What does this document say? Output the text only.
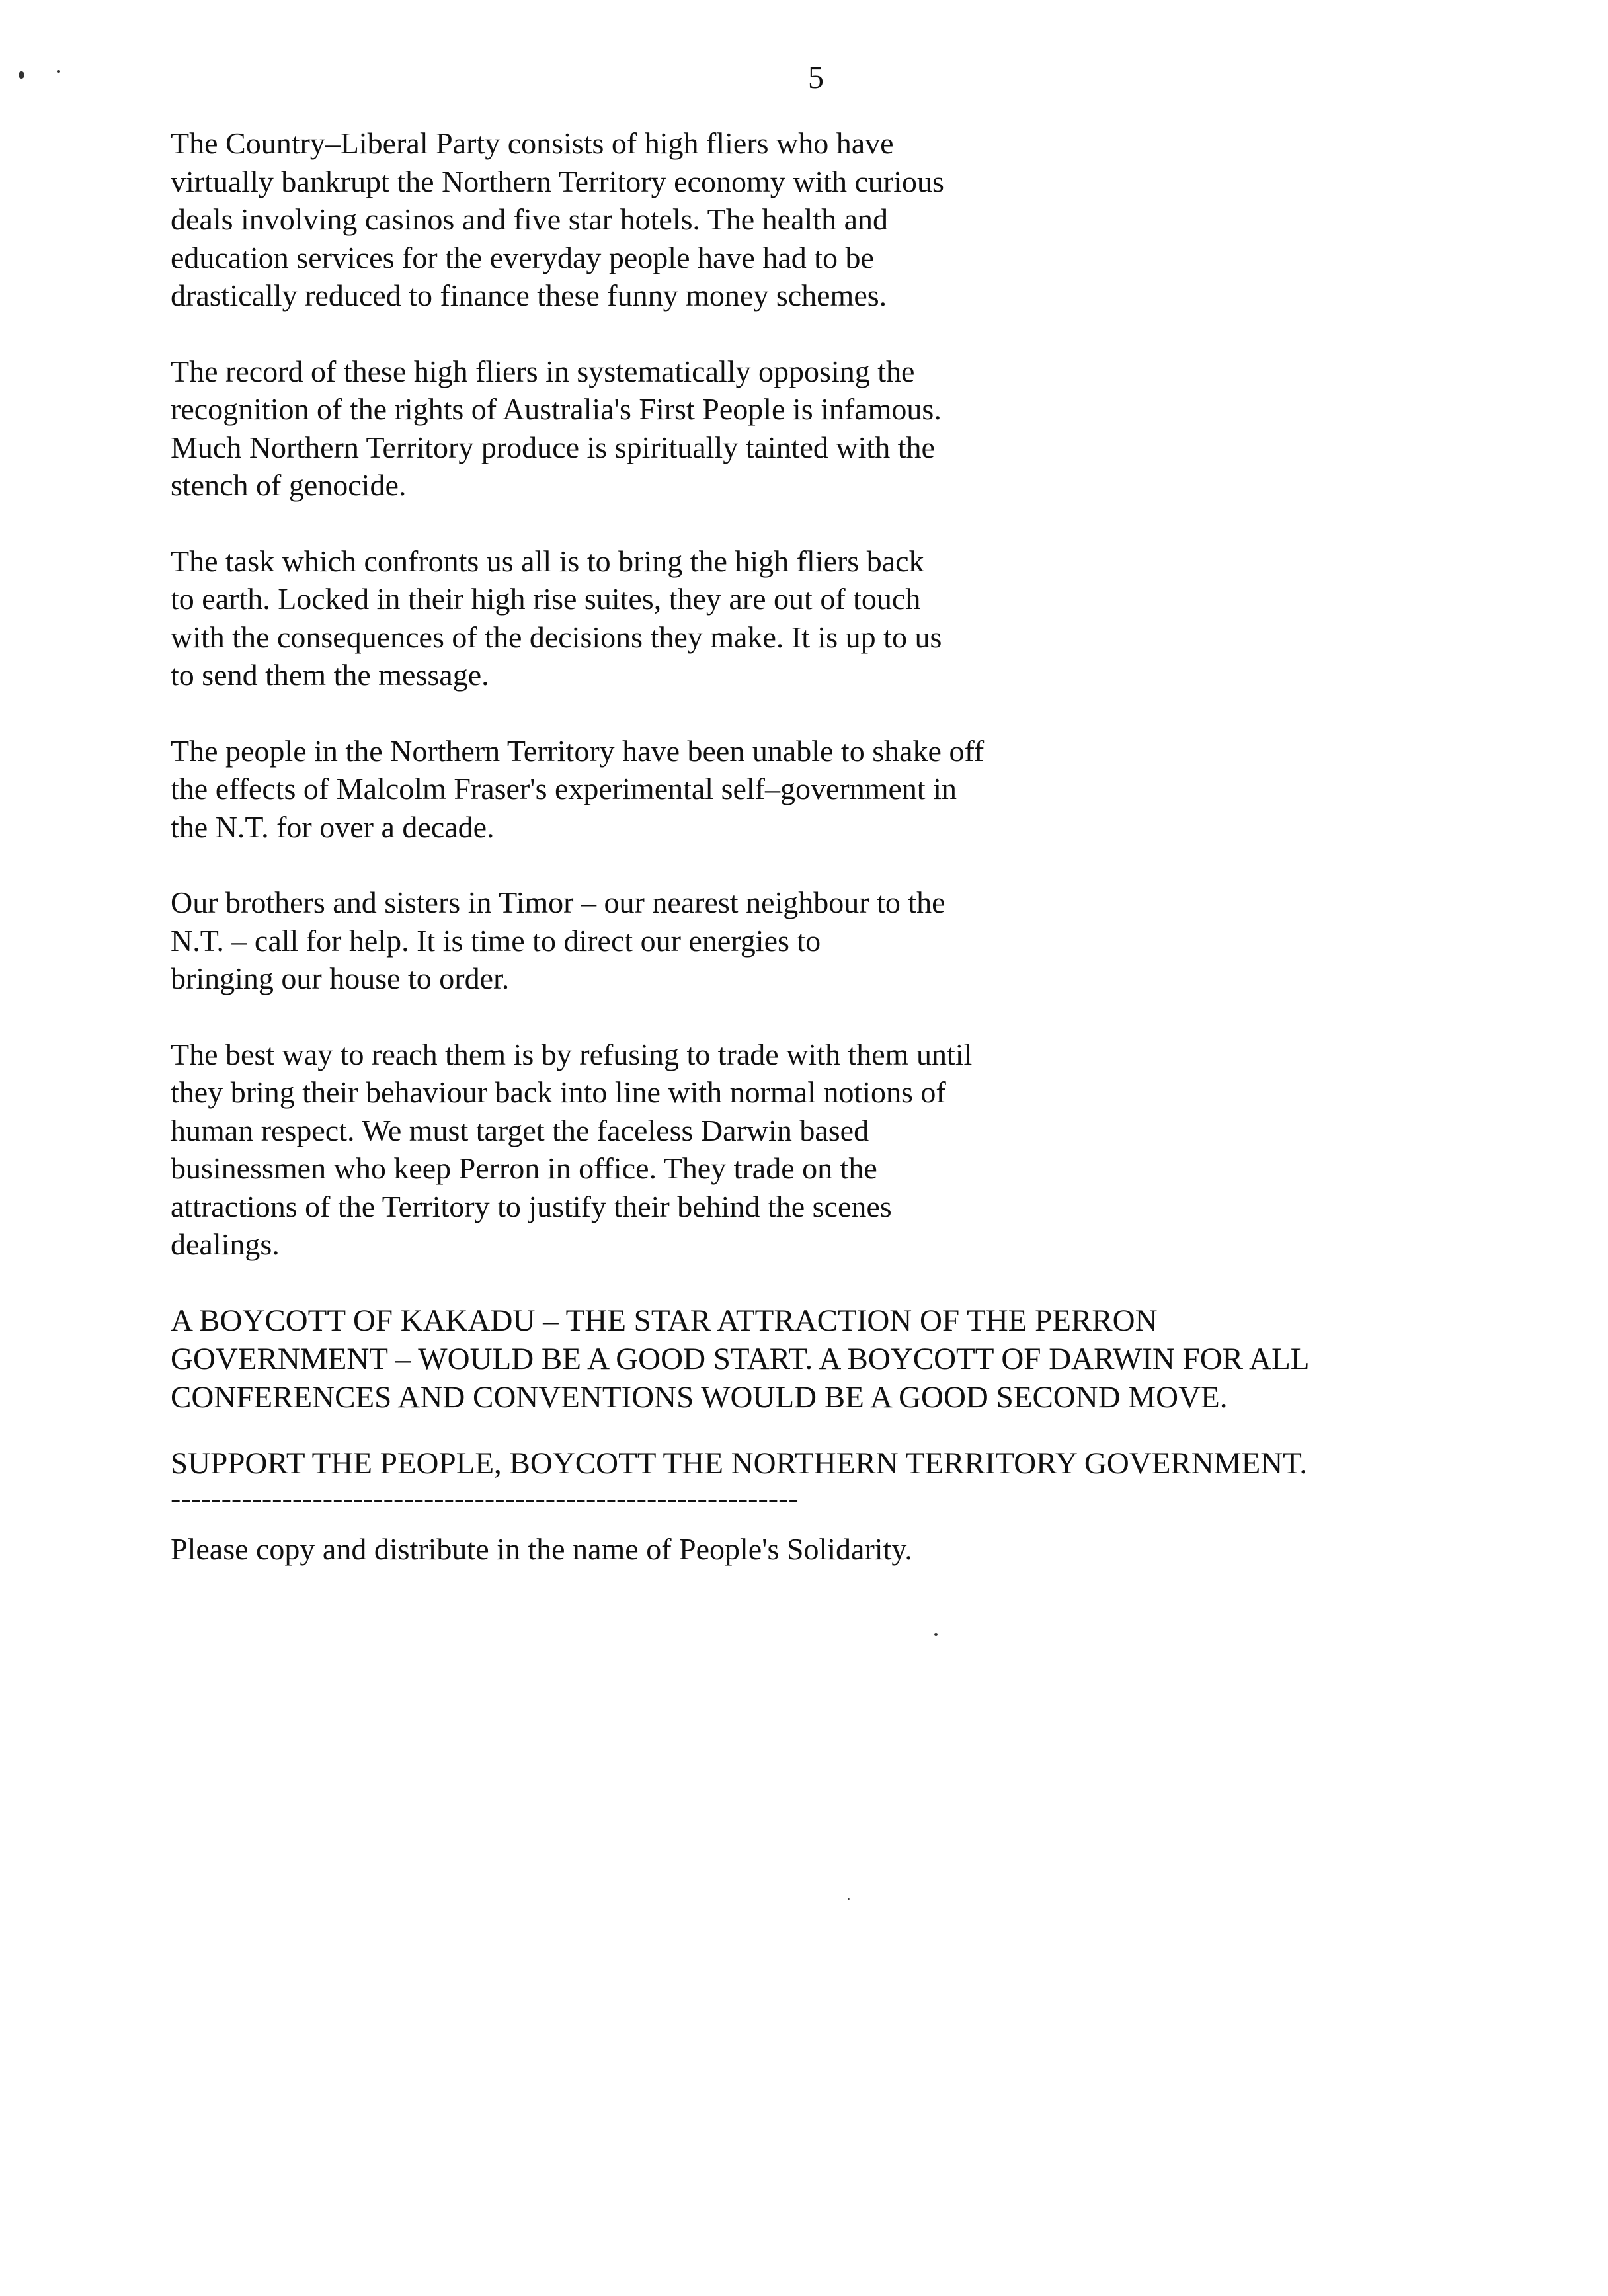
5

The Country–Liberal Party consists of high fliers who have
virtually bankrupt the Northern Territory economy with curious
deals involving casinos and five star hotels. The health and
education services for the everyday people have had to be
drastically reduced to finance these funny money schemes.

The record of these high fliers in systematically opposing the
recognition of the rights of Australia's First People is infamous.
Much Northern Territory produce is spiritually tainted with the
stench of genocide.

The task which confronts us all is to bring the high fliers back
to earth. Locked in their high rise suites, they are out of touch
with the consequences of the decisions they make. It is up to us
to send them the message.

The people in the Northern Territory have been unable to shake off
the effects of Malcolm Fraser's experimental self–government in
the N.T. for over a decade.

Our brothers and sisters in Timor – our nearest neighbour to the
N.T. – call for help. It is time to direct our energies to
bringing our house to order.

The best way to reach them is by refusing to trade with them until
they bring their behaviour back into line with normal notions of
human respect. We must target the faceless Darwin based
businessmen who keep Perron in office. They trade on the
attractions of the Territory to justify their behind the scenes
dealings.

A BOYCOTT OF KAKADU – THE STAR ATTRACTION OF THE PERRON
GOVERNMENT – WOULD BE A GOOD START. A BOYCOTT OF DARWIN FOR ALL
CONFERENCES AND CONVENTIONS WOULD BE A GOOD SECOND MOVE.

SUPPORT THE PEOPLE, BOYCOTT THE NORTHERN TERRITORY GOVERNMENT.

--------------------------------------------------------------

Please copy and distribute in the name of People's Solidarity.
